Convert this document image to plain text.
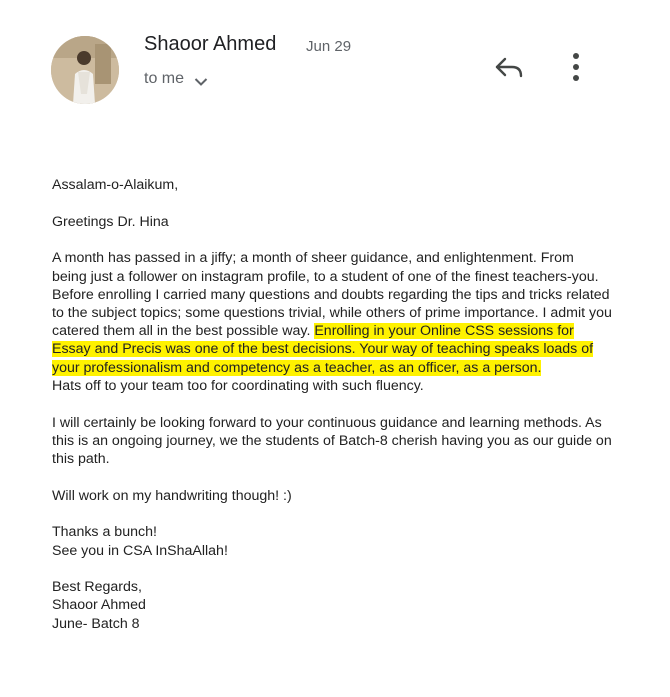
Shaoor Ahmed Jun 29
to me

Assalam-o-Alaikum,

Greetings Dr. Hina

A month has passed in a jiffy; a month of sheer guidance, and enlightenment. From being just a follower on instagram profile, to a student of one of the finest teachers-you. Before enrolling I carried many questions and doubts regarding the tips and tricks related to the subject topics; some questions trivial, while others of prime importance. I admit you catered them all in the best possible way. Enrolling in your Online CSS sessions for Essay and Precis was one of the best decisions. Your way of teaching speaks loads of your professionalism and competency as a teacher, as an officer, as a person.
Hats off to your team too for coordinating with such fluency.

I will certainly be looking forward to your continuous guidance and learning methods. As this is an ongoing journey, we the students of Batch-8 cherish having you as our guide on this path.

Will work on my handwriting though! :)

Thanks a bunch!
See you in CSA InShaAllah!

Best Regards,
Shaoor Ahmed
June- Batch 8
